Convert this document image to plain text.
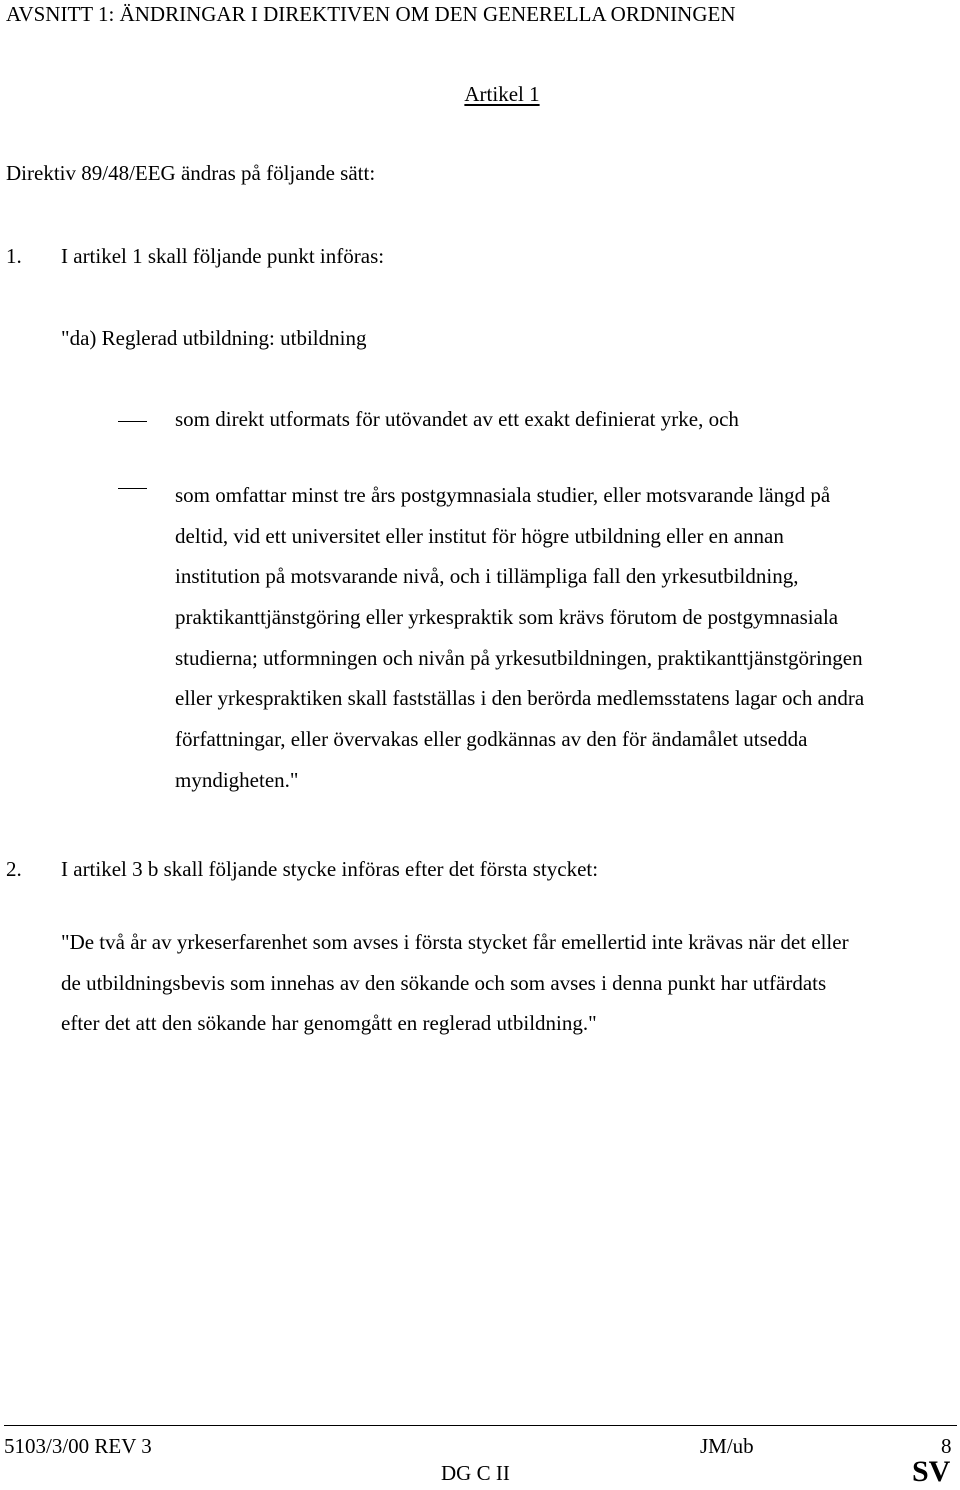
AVSNITT 1: ÄNDRINGAR I DIREKTIVEN OM DEN GENERELLA ORDNINGEN
Artikel 1
Direktiv 89/48/EEG ändras på följande sätt:
1. I artikel 1 skall följande punkt införas:
"da) Reglerad utbildning: utbildning
som direkt utformats för utövandet av ett exakt definierat yrke, och
som omfattar minst tre års postgymnasiala studier, eller motsvarande längd på
deltid, vid ett universitet eller institut för högre utbildning eller en annan
institution på motsvarande nivå, och i tillämpliga fall den yrkesutbildning,
praktikanttjänstgöring eller yrkespraktik som krävs förutom de postgymnasiala
studierna; utformningen och nivån på yrkesutbildningen, praktikanttjänstgöringen
eller yrkespraktiken skall fastställas i den berörda medlemsstatens lagar och andra
författningar, eller övervakas eller godkännas av den för ändamålet utsedda
myndigheten."
2. I artikel 3 b skall följande stycke införas efter det första stycket:
"De två år av yrkeserfarenhet som avses i första stycket får emellertid inte krävas när det eller
de utbildningsbevis som innehas av den sökande och som avses i denna punkt har utfärdats
efter det att den sökande har genomgått en reglerad utbildning."
5103/3/00 REV 3	JM/ub	8
DG C II	SV
